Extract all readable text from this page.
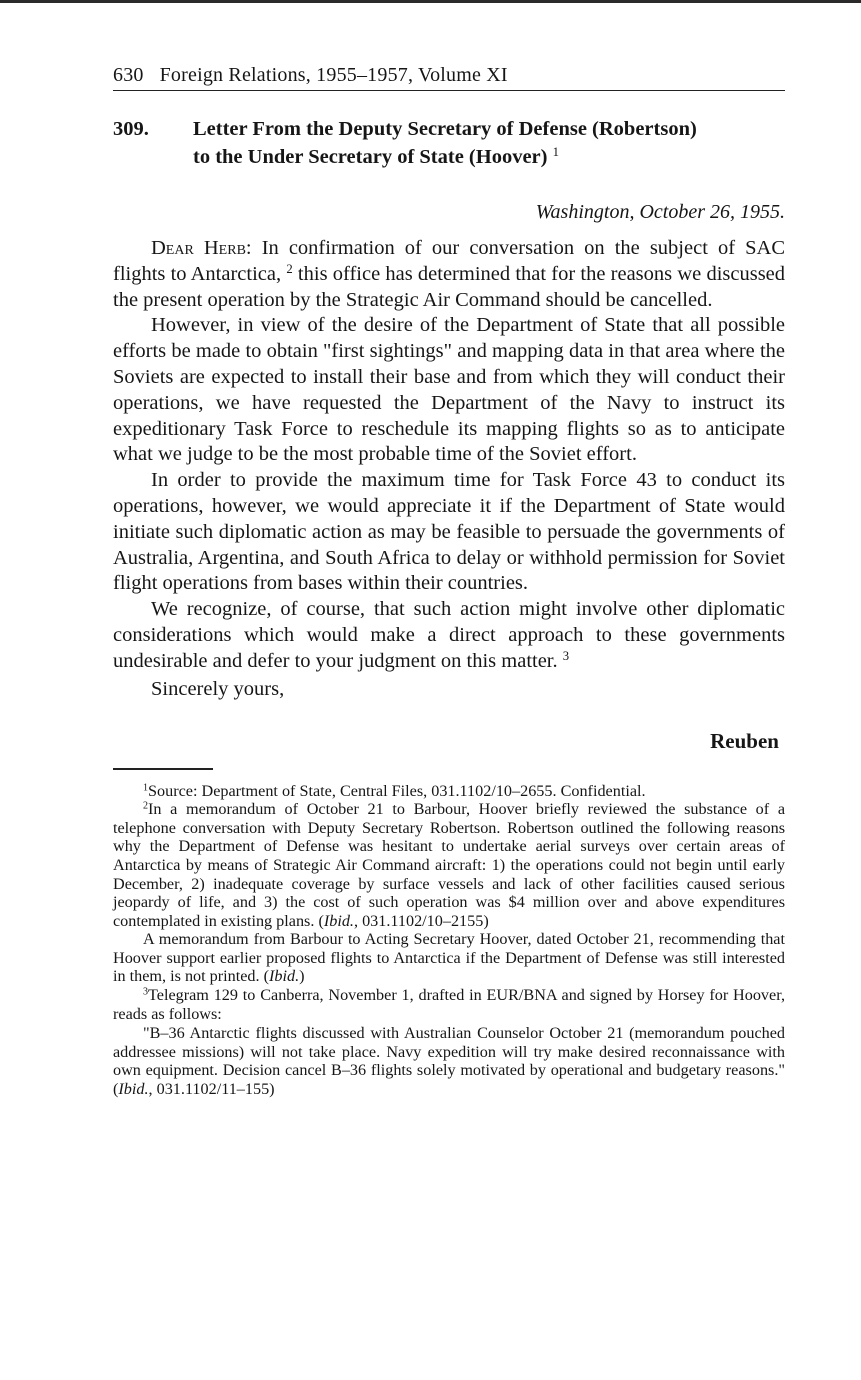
630 Foreign Relations, 1955–1957, Volume XI
309.	Letter From the Deputy Secretary of Defense (Robertson)
to the Under Secretary of State (Hoover) $^1$
Washington, October 26, 1955.

Dear Herb: In confirmation of our conversation on the subject of SAC flights to Antarctica, $^2$ this office has determined that for the reasons we discussed the present operation by the Strategic Air Command should be cancelled.

However, in view of the desire of the Department of State that all possible efforts be made to obtain "first sightings" and mapping data in that area where the Soviets are expected to install their base and from which they will conduct their operations, we have requested the Department of the Navy to instruct its expeditionary Task Force to reschedule its mapping flights so as to anticipate what we judge to be the most probable time of the Soviet effort.

In order to provide the maximum time for Task Force 43 to conduct its operations, however, we would appreciate it if the Department of State would initiate such diplomatic action as may be feasible to persuade the governments of Australia, Argentina, and South Africa to delay or withhold permission for Soviet flight operations from bases within their countries.

We recognize, of course, that such action might involve other diplomatic considerations which would make a direct approach to these governments undesirable and defer to your judgment on this matter. $^3$

Sincerely yours,
Reuben

$^1$Source: Department of State, Central Files, 031.1102/10–2655. Confidential.

$^2$In a memorandum of October 21 to Barbour, Hoover briefly reviewed the substance of a telephone conversation with Deputy Secretary Robertson. Robertson outlined the following reasons why the Department of Defense was hesitant to undertake aerial surveys over certain areas of Antarctica by means of Strategic Air Command aircraft: 1) the operations could not begin until early December, 2) inadequate coverage by surface vessels and lack of other facilities caused serious jeopardy of life, and 3) the cost of such operation was $4 million over and above expenditures contemplated in existing plans. (Ibid., 031.1102/10–2155)

A memorandum from Barbour to Acting Secretary Hoover, dated October 21, recommending that Hoover support earlier proposed flights to Antarctica if the Department of Defense was still interested in them, is not printed. (Ibid.)

$^3$Telegram 129 to Canberra, November 1, drafted in EUR/BNA and signed by Horsey for Hoover, reads as follows:

"B–36 Antarctic flights discussed with Australian Counselor October 21 (memorandum pouched addressee missions) will not take place. Navy expedition will try make desired reconnaissance with own equipment. Decision cancel B–36 flights solely motivated by operational and budgetary reasons." (Ibid., 031.1102/11–155)
